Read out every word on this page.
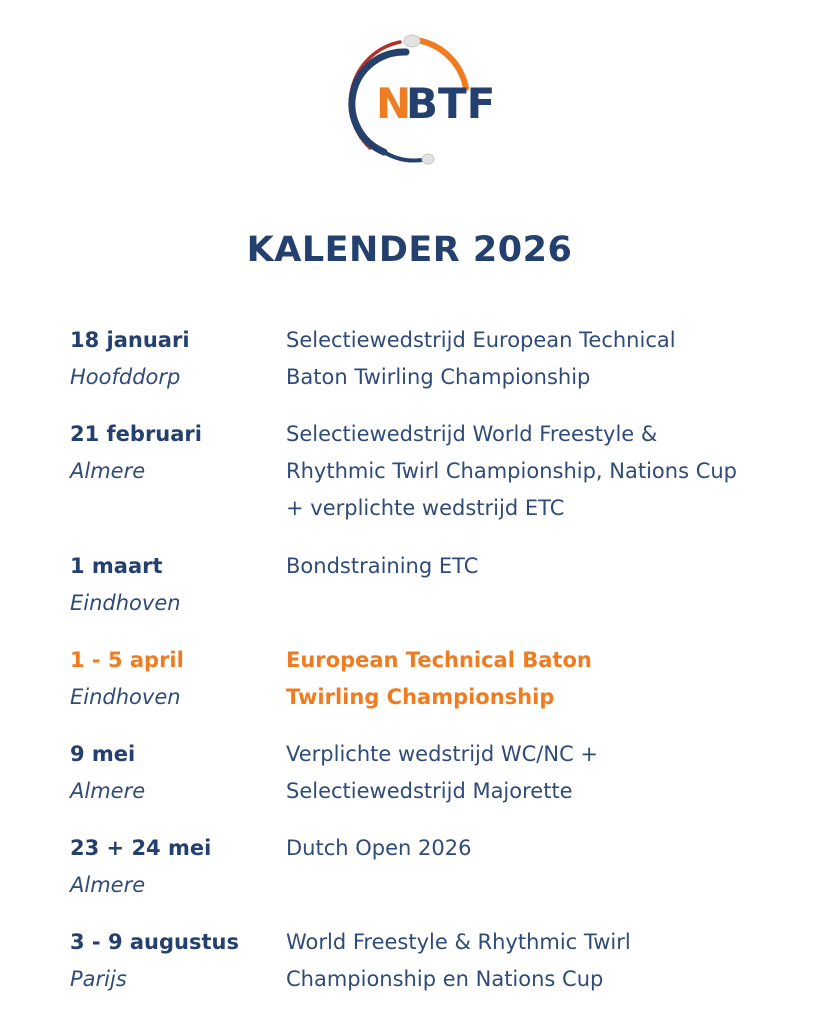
N
BTF
KALENDER 2026
18 januari
Hoofddorp
Selectiewedstrijd European Technical
Baton Twirling Championship
21 februari
Almere
Selectiewedstrijd World Freestyle &
Rhythmic Twirl Championship, Nations Cup
+ verplichte wedstrijd ETC
1 maart
Eindhoven
Bondstraining ETC
1 - 5 april
Eindhoven
European Technical Baton
Twirling Championship
9 mei
Almere
Verplichte wedstrijd WC/NC +
Selectiewedstrijd Majorette
23 + 24 mei
Almere
Dutch Open 2026
3 - 9 augustus
Parijs
World Freestyle & Rhythmic Twirl
Championship en Nations Cup
